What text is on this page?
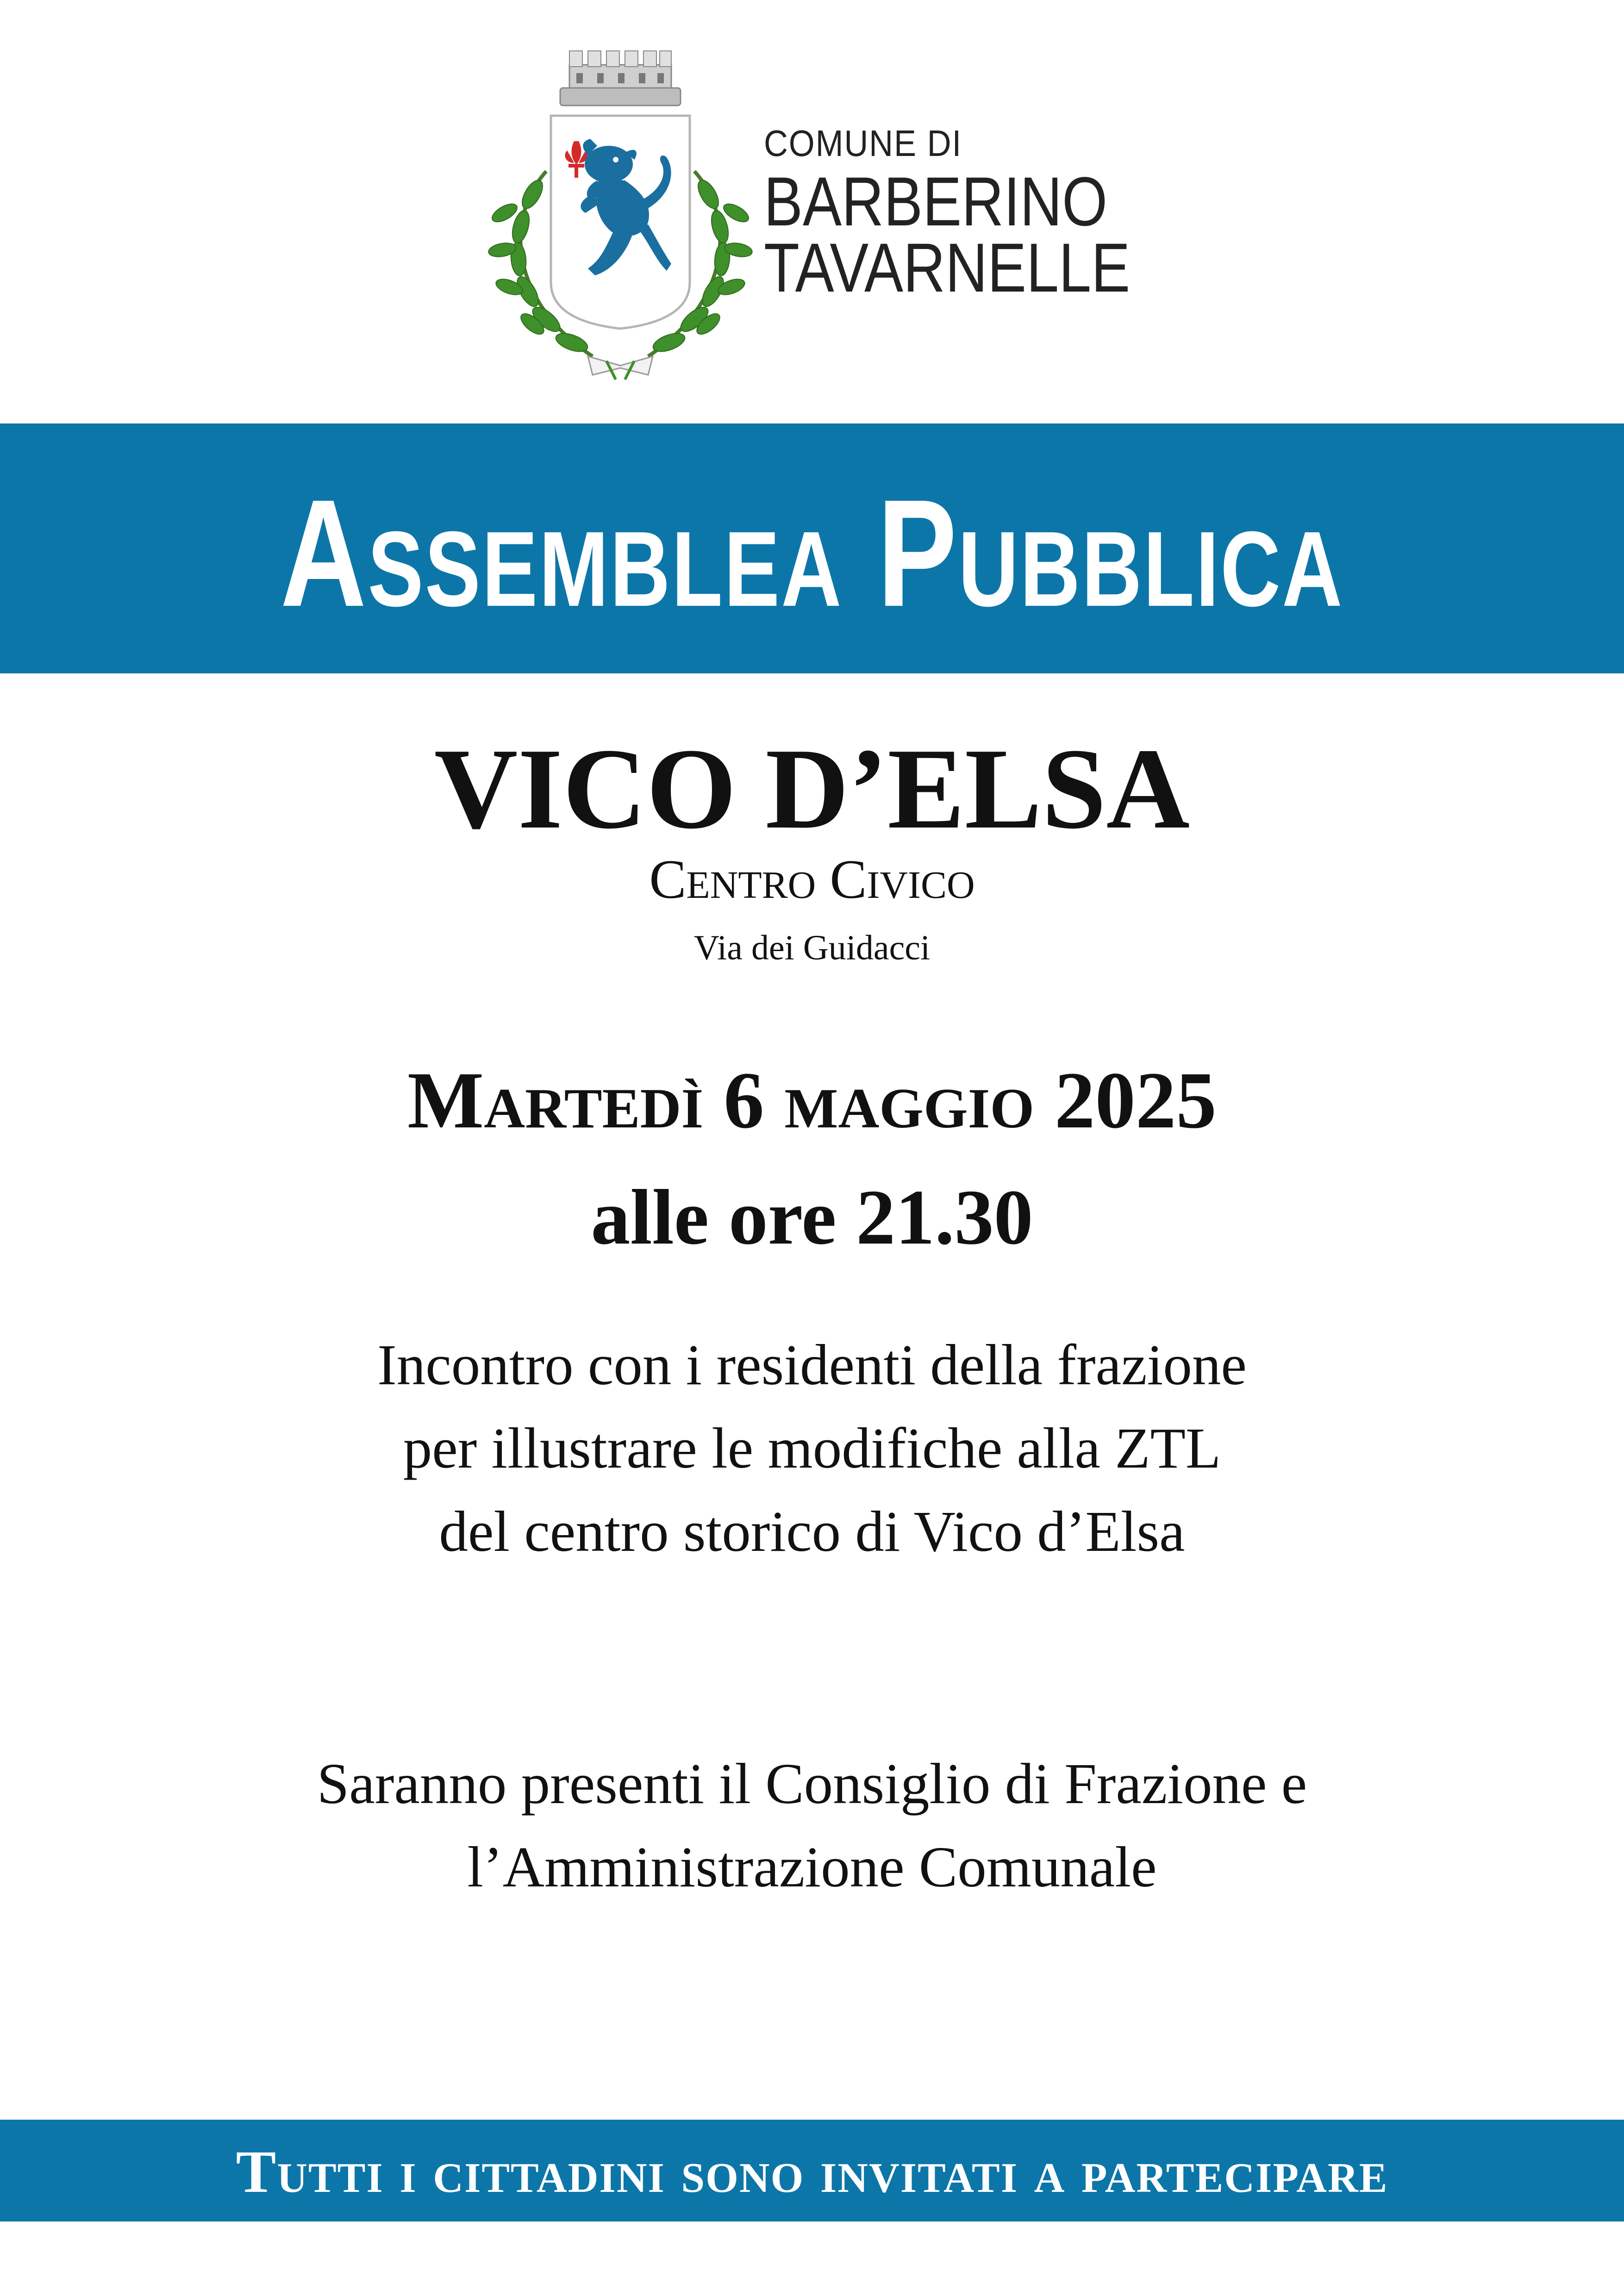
COMUNE DI
BARBERINO
TAVARNELLE
Assemblea Pubblica
VICO D’ELSA
Centro Civico
Via dei Guidacci
Martedì 6 maggio 2025
alle ore 21.30
Incontro con i residenti della frazione
per illustrare le modifiche alla ZTL
del centro storico di Vico d’Elsa
Saranno presenti il Consiglio di Frazione e
l’Amministrazione Comunale
Tutti i cittadini sono invitati a partecipare
